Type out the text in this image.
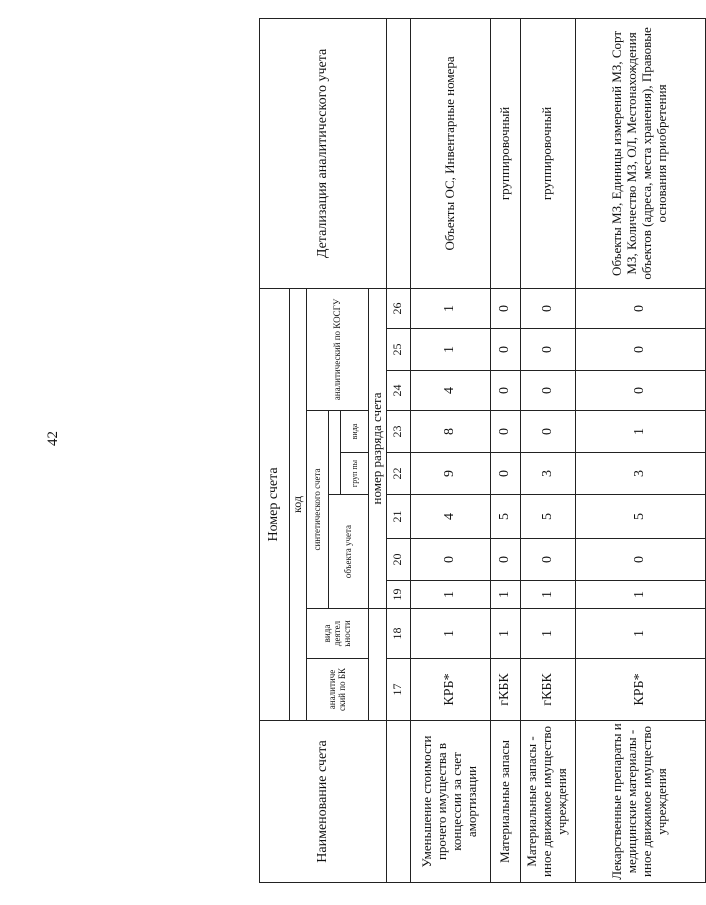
42
Наименование счета	Номер счета										Детализация аналитического учета
	код										
	аналитиче ский по БК	вида деятел ьности	синтетического счета					аналитический по КОСГУ			
			объекта учета								
						груп пы	вида				
			номер разряда счета								
	17	18	19	20	21	22	23	24	25	26	
Уменьшение стоимости прочего имущества в концессии за счет амортизации	КРБ*	1	1	0	4	9	8	4	1	1	Объекты ОС, Инвентарные номера
Материальные запасы	гКБК	1	1	0	5	0	0	0	0	0	группировочный
Материальные запасы - иное движимое имущество учреждения	гКБК	1	1	0	5	3	0	0	0	0	группировочный
Лекарственные препараты и медицинские материалы - иное движимое имущество учреждения	КРБ*	1	1	0	5	3	1	0	0	0	Объекты МЗ, Единицы измерений МЗ, Сорт МЗ, Количество МЗ, ОЛ, Местонахождения объектов (адреса, места хранения), Правовые основания приобретения
